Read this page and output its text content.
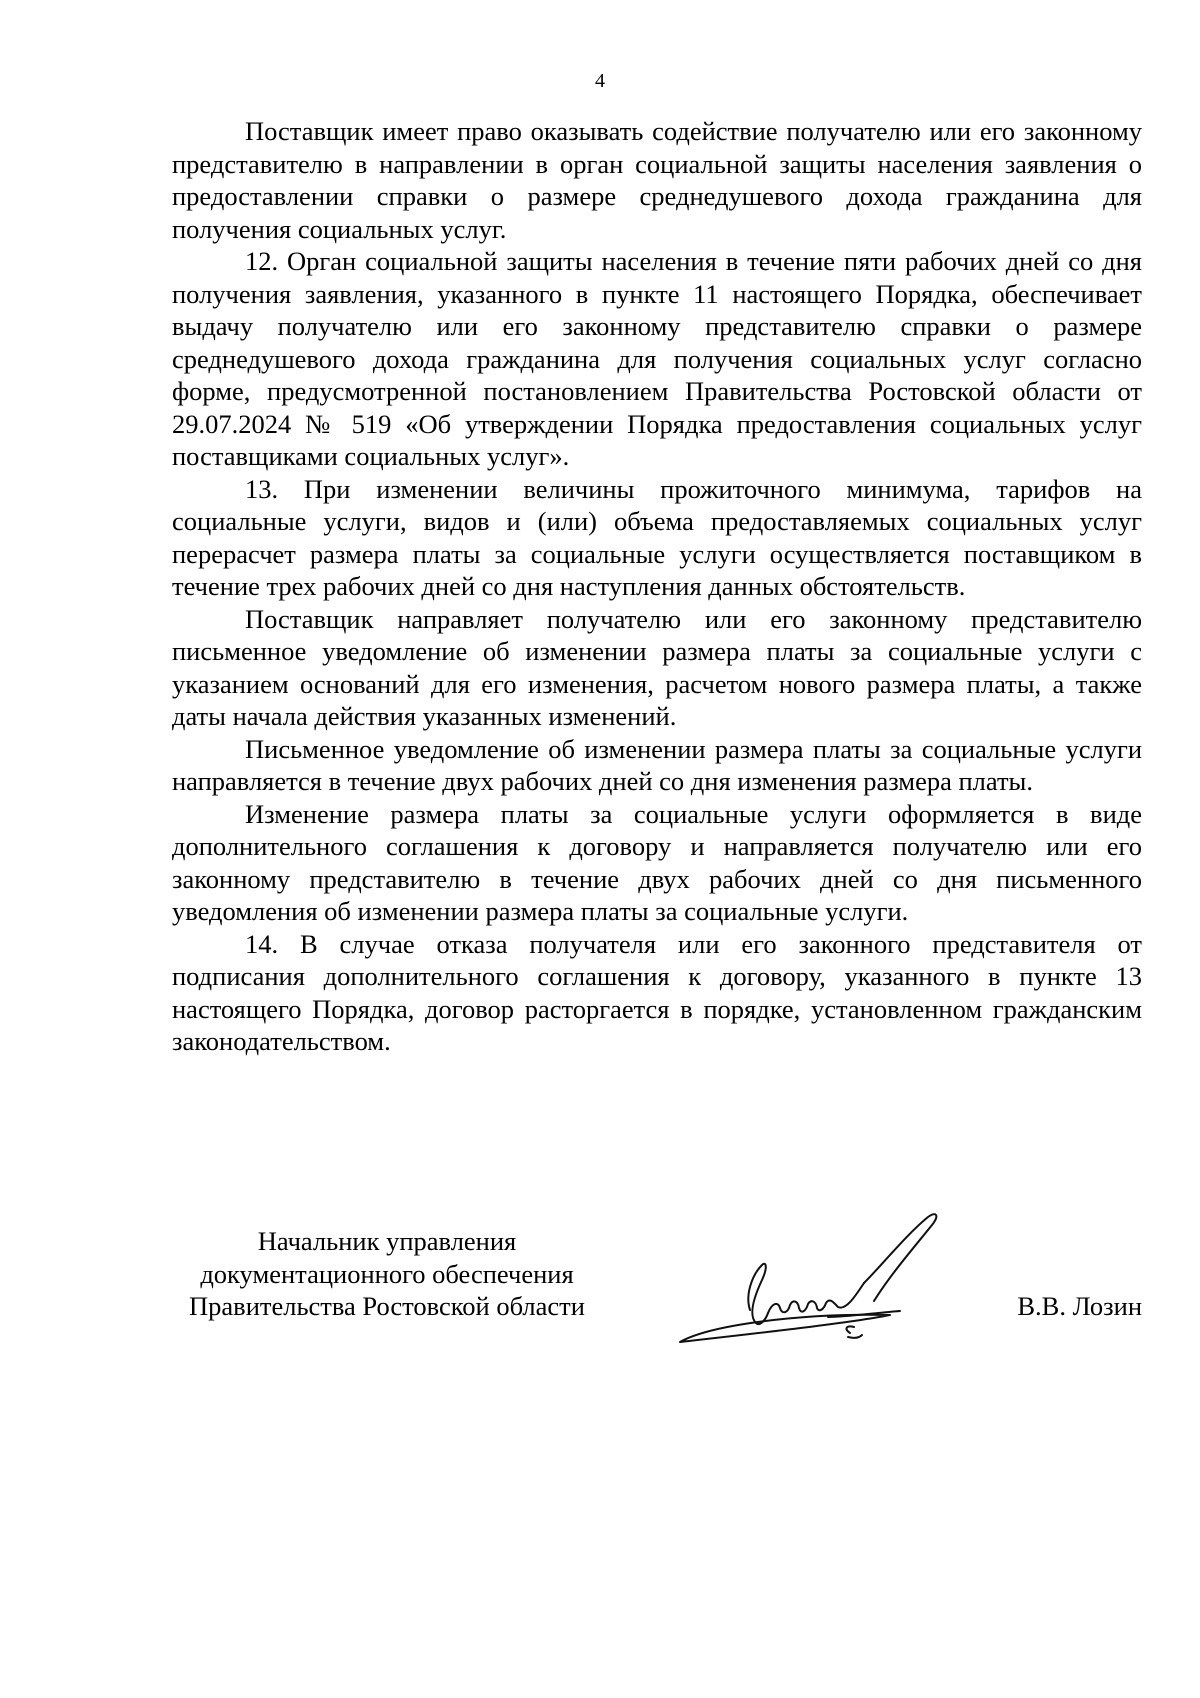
4

Поставщик имеет право оказывать содействие получателю или его законному представителю в направлении в орган социальной защиты населения заявления о предоставлении справки о размере среднедушевого дохода гражданина для получения социальных услуг.

12. Орган социальной защиты населения в течение пяти рабочих дней со дня получения заявления, указанного в пункте 11 настоящего Порядка, обеспечивает выдачу получателю или его законному представителю справки о размере среднедушевого дохода гражданина для получения социальных услуг согласно форме, предусмотренной постановлением Правительства Ростовской области от 29.07.2024 № 519 «Об утверждении Порядка предоставления социальных услуг поставщиками социальных услуг».

13. При изменении величины прожиточного минимума, тарифов на социальные услуги, видов и (или) объема предоставляемых социальных услуг перерасчет размера платы за социальные услуги осуществляется поставщиком в течение трех рабочих дней со дня наступления данных обстоятельств.

Поставщик направляет получателю или его законному представителю письменное уведомление об изменении размера платы за социальные услуги с указанием оснований для его изменения, расчетом нового размера платы, а также даты начала действия указанных изменений.

Письменное уведомление об изменении размера платы за социальные услуги направляется в течение двух рабочих дней со дня изменения размера платы.

Изменение размера платы за социальные услуги оформляется в виде дополнительного соглашения к договору и направляется получателю или его законному представителю в течение двух рабочих дней со дня письменного уведомления об изменении размера платы за социальные услуги.

14. В случае отказа получателя или его законного представителя от подписания дополнительного соглашения к договору, указанного в пункте 13 настоящего Порядка, договор расторгается в порядке, установленном гражданским законодательством.

Начальник управления
документационного обеспечения
Правительства Ростовской области	В.В. Лозин
